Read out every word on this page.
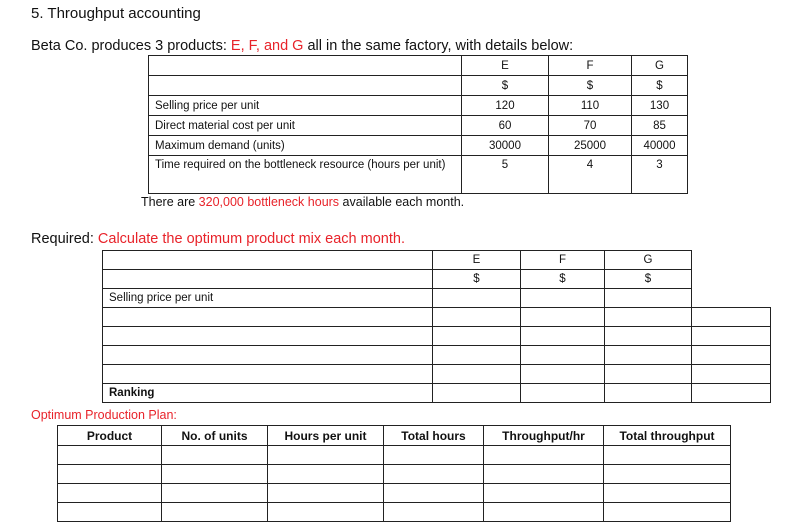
5. Throughput accounting
Beta Co. produces 3 products: E, F, and G all in the same factory, with details below:
	E	F	G
	$	$	$
Selling price per unit	120	110	130
Direct material cost per unit	60	70	85
Maximum demand (units)	30000	25000	40000
Time required on the bottleneck resource (hours per unit)	5	4	3
There are 320,000 bottleneck hours available each month.
Required: Calculate the optimum product mix each month.
	E	F	G	
	$	$	$	
Selling price per unit				

Ranking				
Optimum Production Plan:
Product	No. of units	Hours per unit	Total hours	Throughput/hr	Total throughput
